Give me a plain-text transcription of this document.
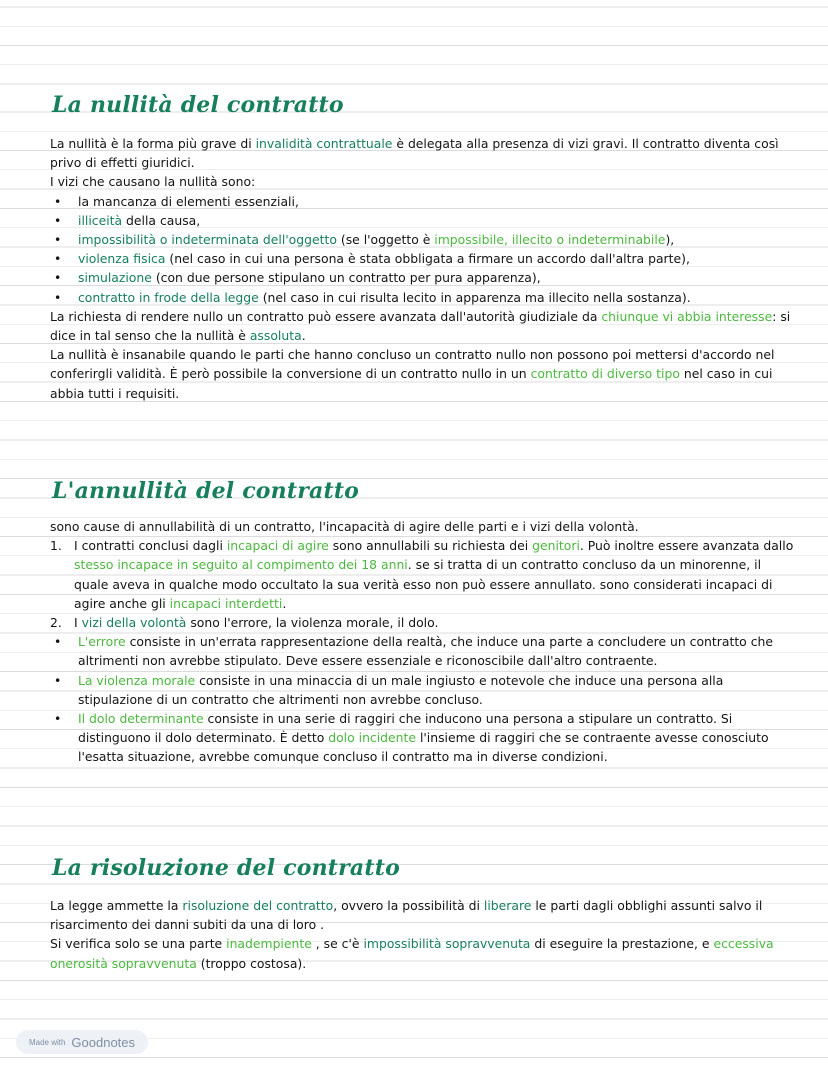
La nullità del contratto

La nullità è la forma più grave di invalidità contrattuale è delegata alla presenza di vizi gravi. Il contratto diventa così privo di effetti giuridici.

I vizi che causano la nullità sono:

• la mancanza di elementi essenziali,
• illiceità della causa,
• impossibilità o indeterminata dell'oggetto (se l'oggetto è impossibile, illecito o indeterminabile),
• violenza fisica (nel caso in cui una persona è stata obbligata a firmare un accordo dall'altra parte),
• simulazione (con due persone stipulano un contratto per pura apparenza),
• contratto in frode della legge (nel caso in cui risulta lecito in apparenza ma illecito nella sostanza).

La richiesta di rendere nullo un contratto può essere avanzata dall'autorità giudiziale da chiunque vi abbia interesse: si dice in tal senso che la nullità è assoluta.

La nullità è insanabile quando le parti che hanno concluso un contratto nullo non possono poi mettersi d'accordo nel conferirgli validità. È però possibile la conversione di un contratto nullo in un contratto di diverso tipo nel caso in cui abbia tutti i requisiti.

L'annullità del contratto

sono cause di annullabilità di un contratto, l'incapacità di agire delle parti e i vizi della volontà.

1. I contratti conclusi dagli incapaci di agire sono annullabili su richiesta dei genitori. Può inoltre essere avanzata dallo stesso incapace in seguito al compimento dei 18 anni. se si tratta di un contratto concluso da un minorenne, il quale aveva in qualche modo occultato la sua verità esso non può essere annullato. sono considerati incapaci di agire anche gli incapaci interdetti.
2. I vizi della volontà sono l'errore, la violenza morale, il dolo.
• L'errore consiste in un'errata rappresentazione della realtà, che induce una parte a concludere un contratto che altrimenti non avrebbe stipulato. Deve essere essenziale e riconoscibile dall'altro contraente.
• La violenza morale consiste in una minaccia di un male ingiusto e notevole che induce una persona alla stipulazione di un contratto che altrimenti non avrebbe concluso.
• Il dolo determinante consiste in una serie di raggiri che inducono una persona a stipulare un contratto. Si distinguono il dolo determinato. È detto dolo incidente l'insieme di raggiri che se contraente avesse conosciuto l'esatta situazione, avrebbe comunque concluso il contratto ma in diverse condizioni.
La risoluzione del contratto

La legge ammette la risoluzione del contratto, ovvero la possibilità di liberare le parti dagli obblighi assunti salvo il risarcimento dei danni subiti da una di loro .

Si verifica solo se una parte inadempiente , se c'è impossibilità sopravvenuta di eseguire la prestazione, e eccessiva onerosità sopravvenuta (troppo costosa).

Made with Goodnotes
